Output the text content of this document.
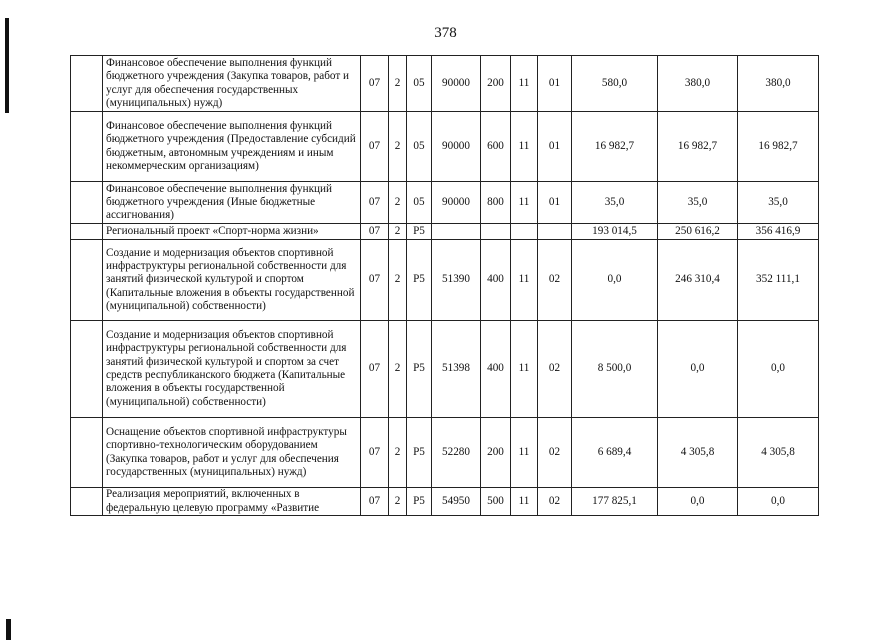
378
	Финансовое обеспечение выполнения функций бюджетного учреждения (Закупка товаров, работ и услуг для обеспечения государственных (муниципальных) нужд)	07	2	05	90000	200	11	01	580,0	380,0	380,0
	Финансовое обеспечение выполнения функций бюджетного учреждения (Предоставление субсидий бюджетным, автономным учреждениям и иным некоммерческим организациям)	07	2	05	90000	600	11	01	16 982,7	16 982,7	16 982,7
	Финансовое обеспечение выполнения функций бюджетного учреждения (Иные бюджетные ассигнования)	07	2	05	90000	800	11	01	35,0	35,0	35,0
	Региональный проект «Спорт-норма жизни»	07	2	P5					193 014,5	250 616,2	356 416,9
	Создание и модернизация объектов спортивной инфраструктуры региональной собственности для занятий физической культурой и спортом (Капитальные вложения в объекты государственной (муниципальной) собственности)	07	2	P5	51390	400	11	02	0,0	246 310,4	352 111,1
	Создание и модернизация объектов спортивной инфраструктуры региональной собственности для занятий физической культурой и спортом за счет средств республиканского бюджета (Капитальные вложения в объекты государственной (муниципальной) собственности)	07	2	P5	51398	400	11	02	8 500,0	0,0	0,0
	Оснащение объектов спортивной инфраструктуры спортивно-технологическим оборудованием (Закупка товаров, работ и услуг для обеспечения государственных (муниципальных) нужд)	07	2	P5	52280	200	11	02	6 689,4	4 305,8	4 305,8
	Реализация мероприятий, включенных в федеральную целевую программу «Развитие	07	2	P5	54950	500	11	02	177 825,1	0,0	0,0
